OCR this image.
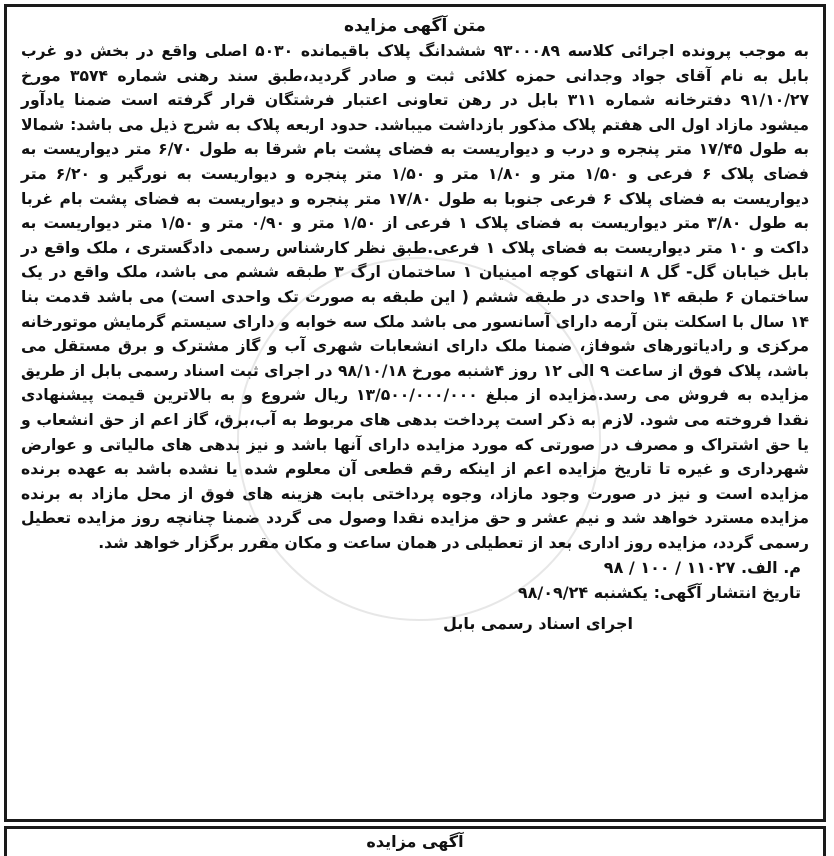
متن آگهی مزایده

به موجب پرونده اجرائی کلاسه ۹۳۰۰۰۸۹ ششدانگ پلاک باقیمانده ۵۰۳۰ اصلی واقع در بخش دو غرب بابل به نام آقای جواد وجدانی حمزه کلائی ثبت و صادر گردید،طبق سند رهنی شماره ۳۵۷۴ مورخ ۹۱/۱۰/۲۷ دفترخانه شماره ۳۱۱ بابل در رهن تعاونی اعتبار فرشتگان قرار گرفته است ضمنا یادآور میشود مازاد اول الی هفتم پلاک مذکور بازداشت میباشد. حدود اربعه پلاک به شرح ذیل می باشد: شمالا به طول ۱۷/۴۵ متر پنجره و درب و دیواریست به فضای پشت بام شرقا به طول ۶/۷۰ متر دیواریست به فضای پلاک ۶ فرعی و ۱/۵۰ متر و ۱/۸۰ متر و ۱/۵۰ متر پنجره و دیواریست به نورگیر و ۶/۲۰ متر دیواریست به فضای پلاک ۶ فرعی جنوبا به طول ۱۷/۸۰ متر پنجره و دیواریست به فضای پشت بام غربا به طول ۳/۸۰ متر دیواریست به فضای پلاک ۱ فرعی از ۱/۵۰ متر و ۰/۹۰ متر و ۱/۵۰ متر دیواریست به داکت و ۱۰ متر دیواریست به فضای پلاک ۱ فرعی.طبق نظر کارشناس رسمی دادگستری ، ملک واقع در بابل خیابان گل- گل ۸ انتهای کوچه امینیان ۱ ساختمان ارگ ۳ طبقه ششم می باشد، ملک واقع در یک ساختمان ۶ طبقه ۱۴ واحدی در طبقه ششم ( این طبقه به صورت تک واحدی است) می باشد قدمت بنا ۱۴ سال با اسکلت بتن آرمه دارای آسانسور می باشد ملک سه خوابه و دارای سیستم گرمایش موتورخانه مرکزی و رادیاتورهای شوفاژ، ضمنا ملک دارای انشعابات شهری آب و گاز مشترک و برق مستقل می باشد، پلاک فوق از ساعت ۹ الی ۱۲ روز ۴شنبه مورخ ۹۸/۱۰/۱۸ در اجرای ثبت اسناد رسمی بابل از طریق مزایده به فروش می رسد.مزایده از مبلغ ۱۳/۵۰۰/۰۰۰/۰۰۰ ریال شروع و به بالاترین قیمت پیشنهادی نقدا فروخته می شود. لازم به ذکر است پرداخت بدهی های مربوط به آب،برق، گاز اعم از حق انشعاب و یا حق اشتراک و مصرف در صورتی که مورد مزایده دارای آنها باشد و نیز بدهی های مالیاتی و عوارض شهرداری و غیره تا تاریخ مزایده اعم از اینکه رقم قطعی آن معلوم شده یا نشده باشد به عهده برنده مزایده است و نیز در صورت وجود مازاد، وجوه پرداختی بابت هزینه های فوق از محل مازاد به برنده مزایده مسترد خواهد شد و نیم عشر و حق مزایده نقدا وصول می گردد ضمنا چنانچه روز مزایده تعطیل رسمی گردد، مزایده روز اداری بعد از تعطیلی در همان ساعت و مکان مقرر برگزار خواهد شد.

م. الف. ۱۱۰۲۷ / ۱۰۰ / ۹۸

تاریخ انتشار آگهی: یکشنبه ۹۸/۰۹/۲۴

اجرای اسناد رسمی بابل

آگهی مزایده
